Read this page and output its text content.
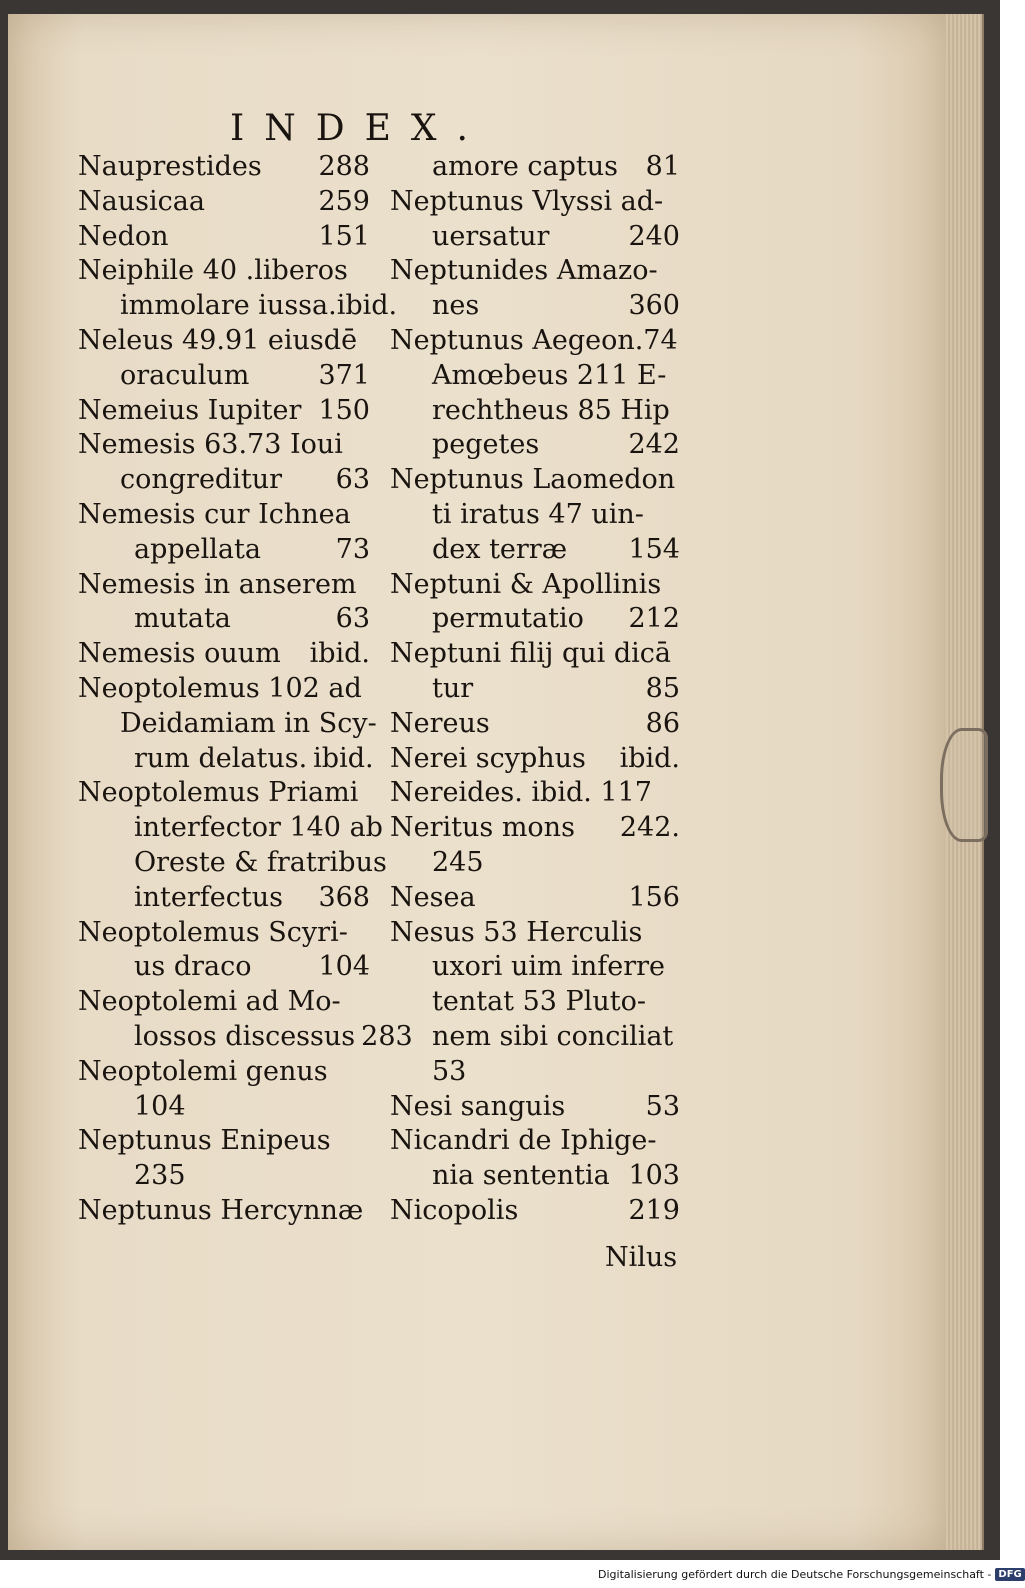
INDEX.
Nauprestides 288
Nausicaa	259
Nedon	151
Neiphile 40 .liberos
immolare iussa.ibid.
Neleus 49.91 eiusdē
oraculum	371
Nemeius Iupiter 150
Nemesis 63.73 Ioui
congreditur 63
Nemesis cur Ichnea
appellata	73
Nemesis in anserem
mutata	63
Nemesis ouum ibid.
Neoptolemus 102 ad
Deidamiam in Scy-
rum delatus. ibid.
Neoptolemus Priami
interfector 140 ab
Oreste & fratribus
interfectus 368
Neoptolemus Scyri-
us draco 104
Neoptolemi ad Mo-
lossos discessus 283
Neoptolemi genus
104
Neptunus Enipeus
235
Neptunus Hercynnæ
amore captus 81
Neptunus Vlyssi ad-
uersatur	240
Neptunides Amazo-
nes	360
Neptunus Aegeon.74
Amœbeus 211 E-
rechtheus 85 Hip
pegetes	242
Neptunus Laomedon
ti iratus 47 uin-
dex terræ 154
Neptuni & Apollinis
permutatio 212
Neptuni filij qui dicā
tur	85
Nereus	86
Nerei scyphus ibid.
Nereides. ibid. 117
Neritus mons 242.
245
Nesea	156
Nesus 53 Herculis
uxori uim inferre
tentat 53 Pluto-
nem sibi conciliat
53
Nesi sanguis	53
Nicandri de Iphige-
nia sententia 103
Nicopolis	219
Nilus
Digitalisierung gefördert durch die Deutsche Forschungsgemeinschaft - DFG
